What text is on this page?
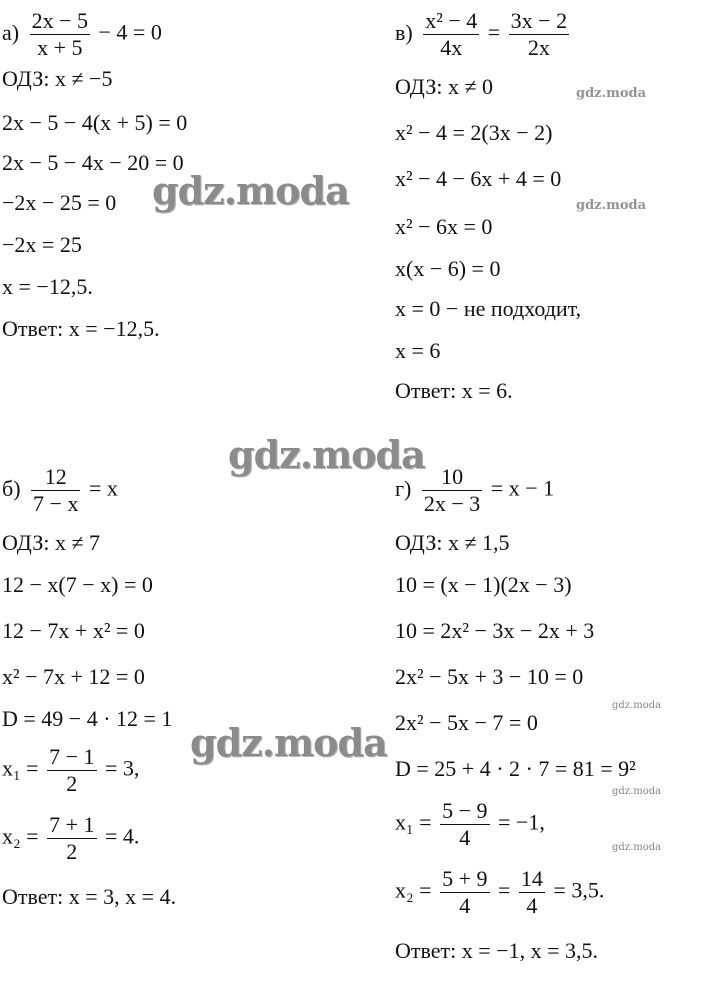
$а) \frac{2x - 5}{x + 5} - 4 = 0$
ОДЗ: x ≠ −5
2x − 5 − 4(x + 5) = 0
2x − 5 − 4x − 20 = 0
−2x − 25 = 0
−2x = 25
x = −12,5.
Ответ: x = −12,5.
$в) \frac{\text{x² − 4}}{4x} = \frac{3x - 2}{2x}$
ОДЗ: x ≠ 0
x² − 4 = 2(3x − 2)
x² − 4 − 6x + 4 = 0
x² − 6x = 0
x(x − 6) = 0
x = 0 − не подходит,
x = 6
Ответ: x = 6.
$б) \frac{12}{7 - x} = x$
ОДЗ: x ≠ 7
12 − x(7 − x) = 0
12 − 7x + x² = 0
x² − 7x + 12 = 0
D = 49 − 4 · 12 = 1
$x_1 = \frac{7 - 1}{2} = 3$,
$x_2 = \frac{7 + 1}{2} = 4$.
Ответ: x = 3, x = 4.
$г) \frac{10}{2x - 3} = x - 1$
ОДЗ: x ≠ 1,5
10 = (x − 1)(2x − 3)
10 = 2x² − 3x − 2x + 3
2x² − 5x + 3 − 10 = 0
2x² − 5x − 7 = 0
D = 25 + 4 · 2 · 7 = 81 = 9²
$x_1 = \frac{5 - 9}{4} = -1$,
$x_2 = \frac{5 + 9}{4} = \frac{14}{4} = 3,5$.
Ответ: x = −1, x = 3,5.
gdz.moda
gdz.moda
gdz.moda
gdz.moda
gdz.moda
gdz.moda
gdz.moda
gdz.moda
